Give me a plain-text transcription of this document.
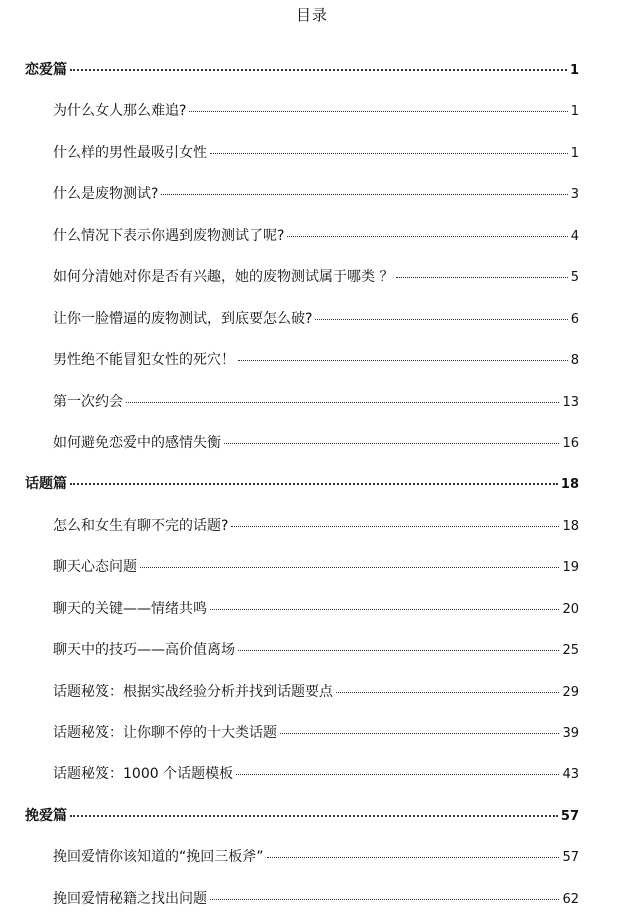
目录
恋爱篇	1
为什么女人那么难追?	1
什么样的男性最吸引女性	1
什么是废物测试?	3
什么情况下表示你遇到废物测试了呢?	4
如何分清她对你是否有兴趣，她的废物测试属于哪类 ？	5
让你一脸懵逼的废物测试，到底要怎么破?	6
男性绝不能冒犯女性的死穴！	8
第一次约会	13
如何避免恋爱中的感情失衡	16
话题篇	18
怎么和女生有聊不完的话题?	18
聊天心态问题	19
聊天的关键——情绪共鸣	20
聊天中的技巧——高价值离场	25
话题秘笈：根据实战经验分析并找到话题要点	29
话题秘笈：让你聊不停的十大类话题	39
话题秘笈：1000 个话题模板	43
挽爱篇	57
挽回爱情你该知道的“挽回三板斧”	57
挽回爱情秘籍之找出问题	62
